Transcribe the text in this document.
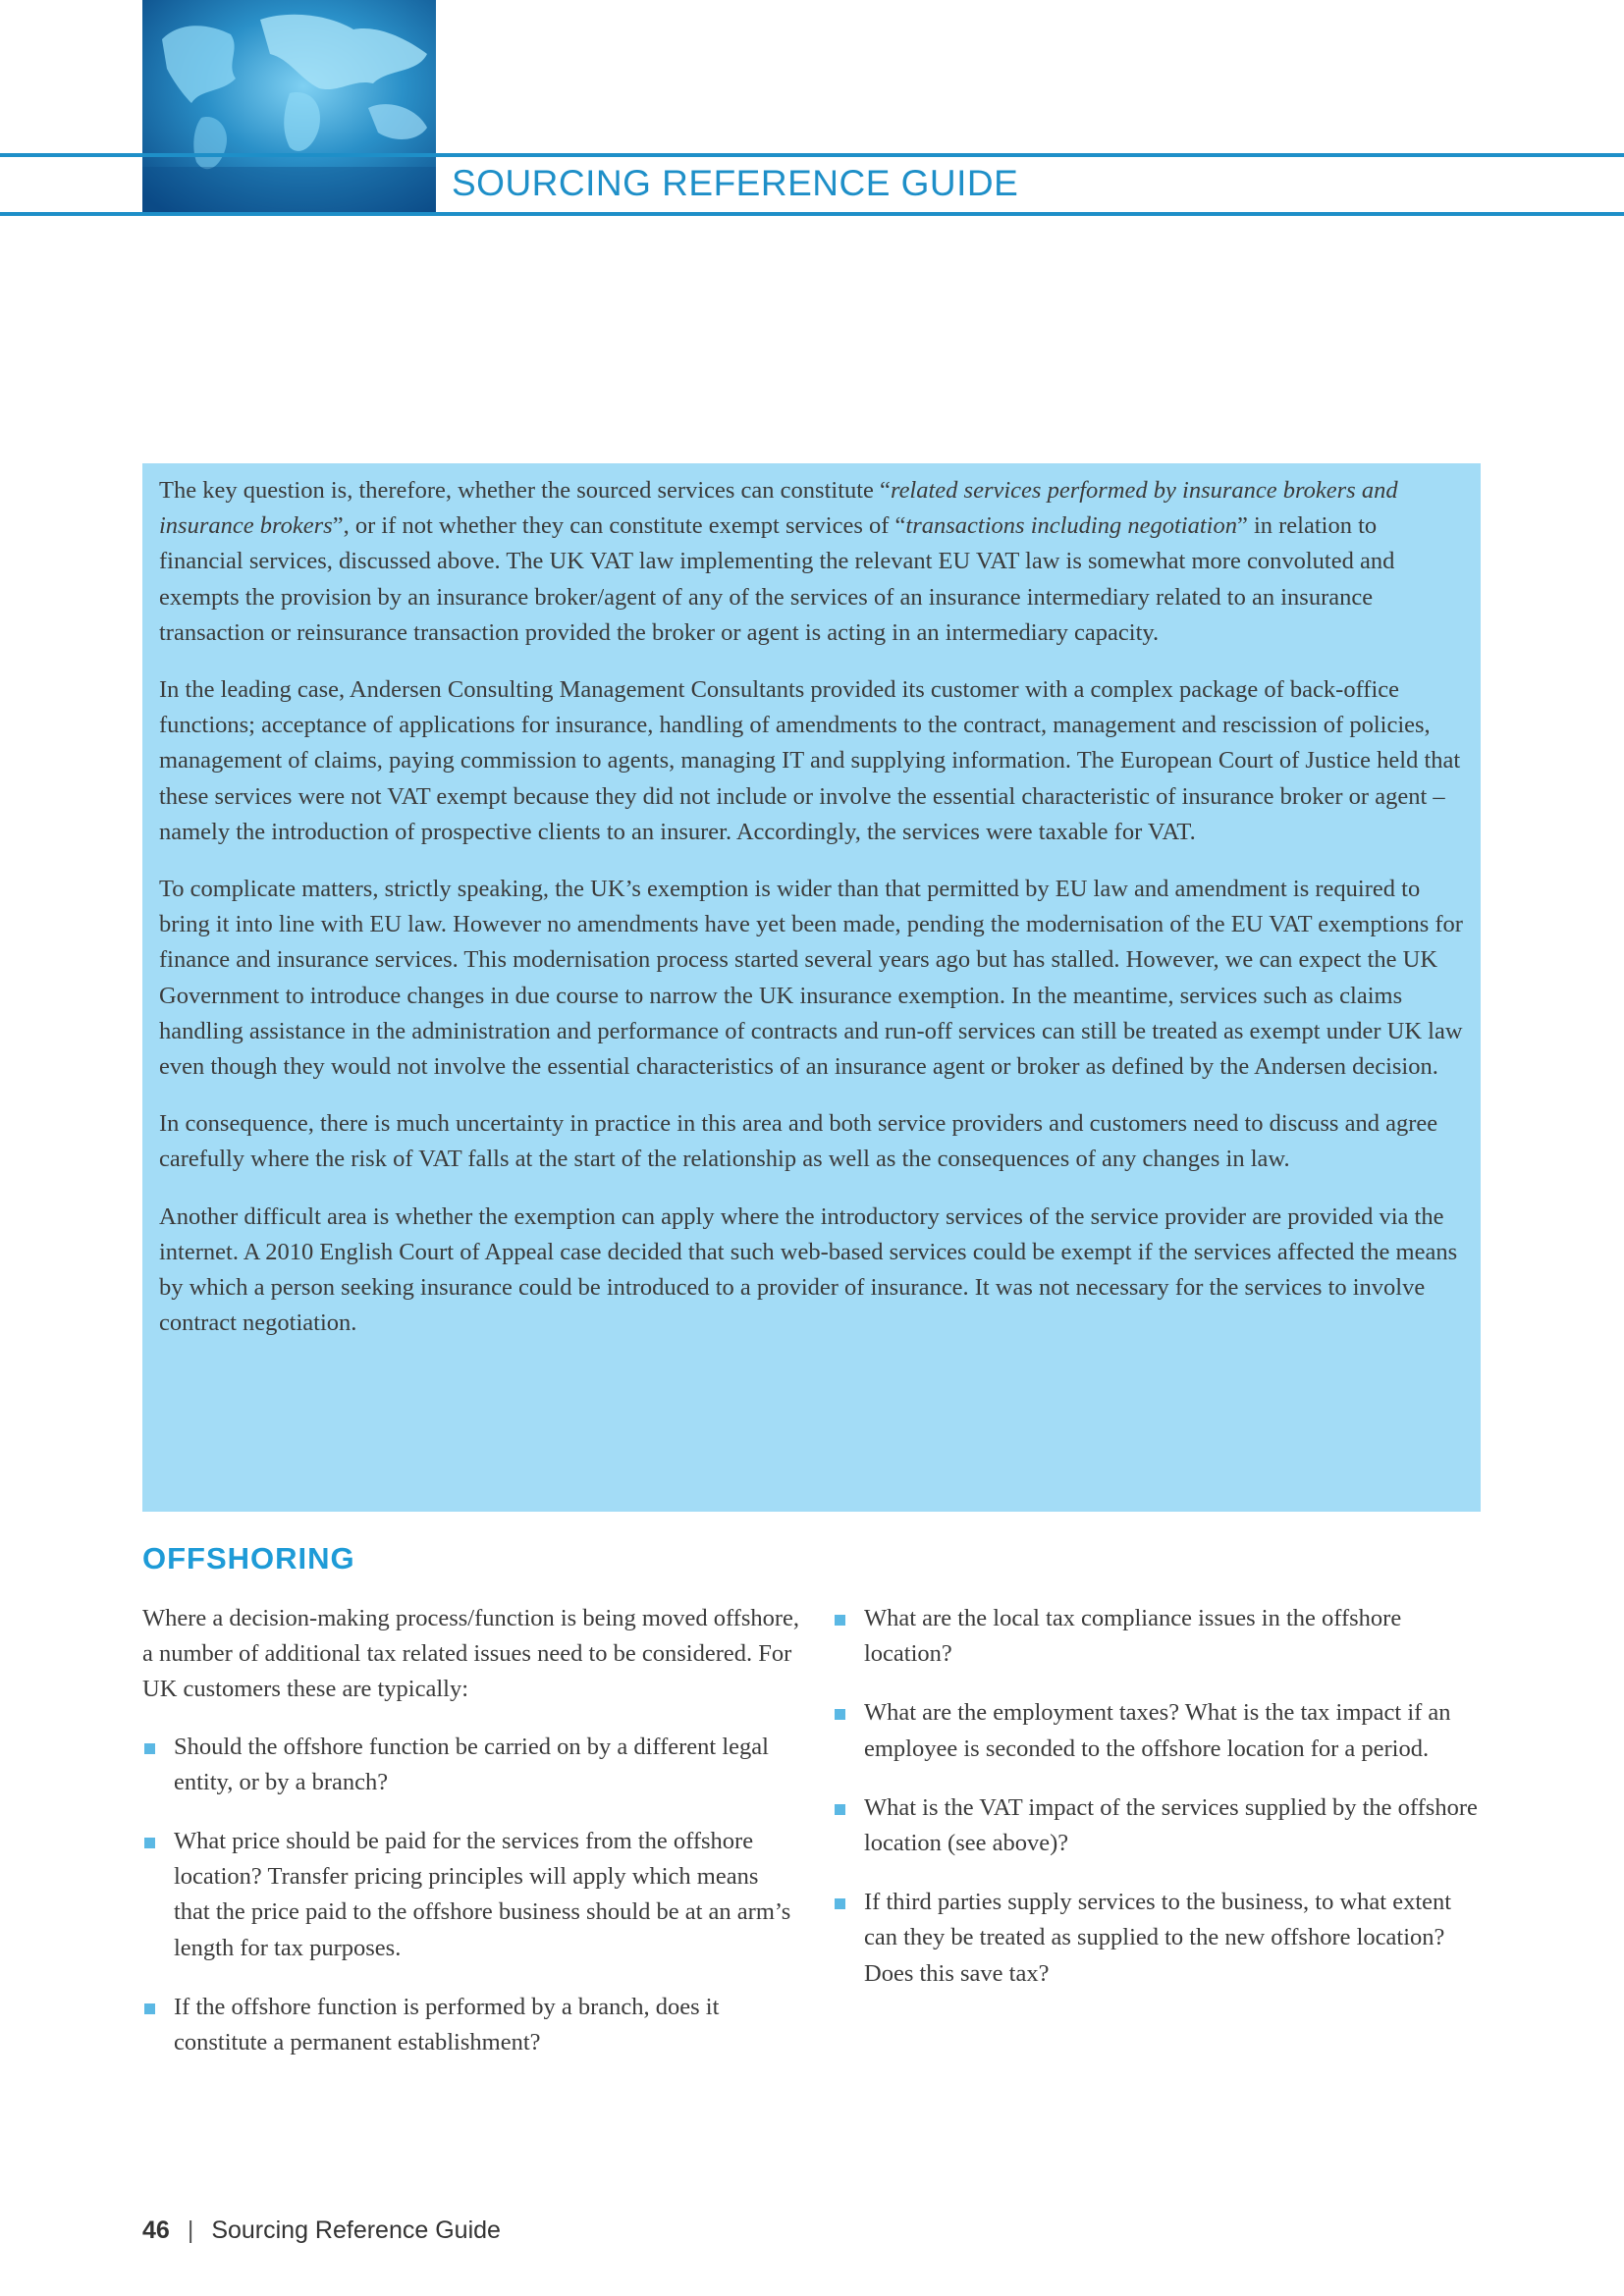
SOURCING REFERENCE GUIDE

The key question is, therefore, whether the sourced services can constitute “related services performed by insurance brokers and insurance brokers”, or if not whether they can constitute exempt services of “transactions including negotiation” in relation to financial services, discussed above. The UK VAT law implementing the relevant EU VAT law is somewhat more convoluted and exempts the provision by an insurance broker/agent of any of the services of an insurance intermediary related to an insurance transaction or reinsurance transaction provided the broker or agent is acting in an intermediary capacity.

In the leading case, Andersen Consulting Management Consultants provided its customer with a complex package of back-office functions; acceptance of applications for insurance, handling of amendments to the contract, management and rescission of policies, management of claims, paying commission to agents, managing IT and supplying information. The European Court of Justice held that these services were not VAT exempt because they did not include or involve the essential characteristic of insurance broker or agent – namely the introduction of prospective clients to an insurer. Accordingly, the services were taxable for VAT.

To complicate matters, strictly speaking, the UK’s exemption is wider than that permitted by EU law and amendment is required to bring it into line with EU law. However no amendments have yet been made, pending the modernisation of the EU VAT exemptions for finance and insurance services. This modernisation process started several years ago but has stalled. However, we can expect the UK Government to introduce changes in due course to narrow the UK insurance exemption. In the meantime, services such as claims handling assistance in the administration and performance of contracts and run-off services can still be treated as exempt under UK law even though they would not involve the essential characteristics of an insurance agent or broker as defined by the Andersen decision.

In consequence, there is much uncertainty in practice in this area and both service providers and customers need to discuss and agree carefully where the risk of VAT falls at the start of the relationship as well as the consequences of any changes in law.

Another difficult area is whether the exemption can apply where the introductory services of the service provider are provided via the internet. A 2010 English Court of Appeal case decided that such web-based services could be exempt if the services affected the means by which a person seeking insurance could be introduced to a provider of insurance. It was not necessary for the services to involve contract negotiation.

OFFSHORING

Where a decision-making process/function is being moved offshore, a number of additional tax related issues need to be considered. For UK customers these are typically:

Should the offshore function be carried on by a different legal entity, or by a branch?
What price should be paid for the services from the offshore location? Transfer pricing principles will apply which means that the price paid to the offshore business should be at an arm’s length for tax purposes.
If the offshore function is performed by a branch, does it constitute a permanent establishment?
What are the local tax compliance issues in the offshore location?
What are the employment taxes? What is the tax impact if an employee is seconded to the offshore location for a period.
What is the VAT impact of the services supplied by the offshore location (see above)?
If third parties supply services to the business, to what extent can they be treated as supplied to the new offshore location? Does this save tax?
46 | Sourcing Reference Guide
